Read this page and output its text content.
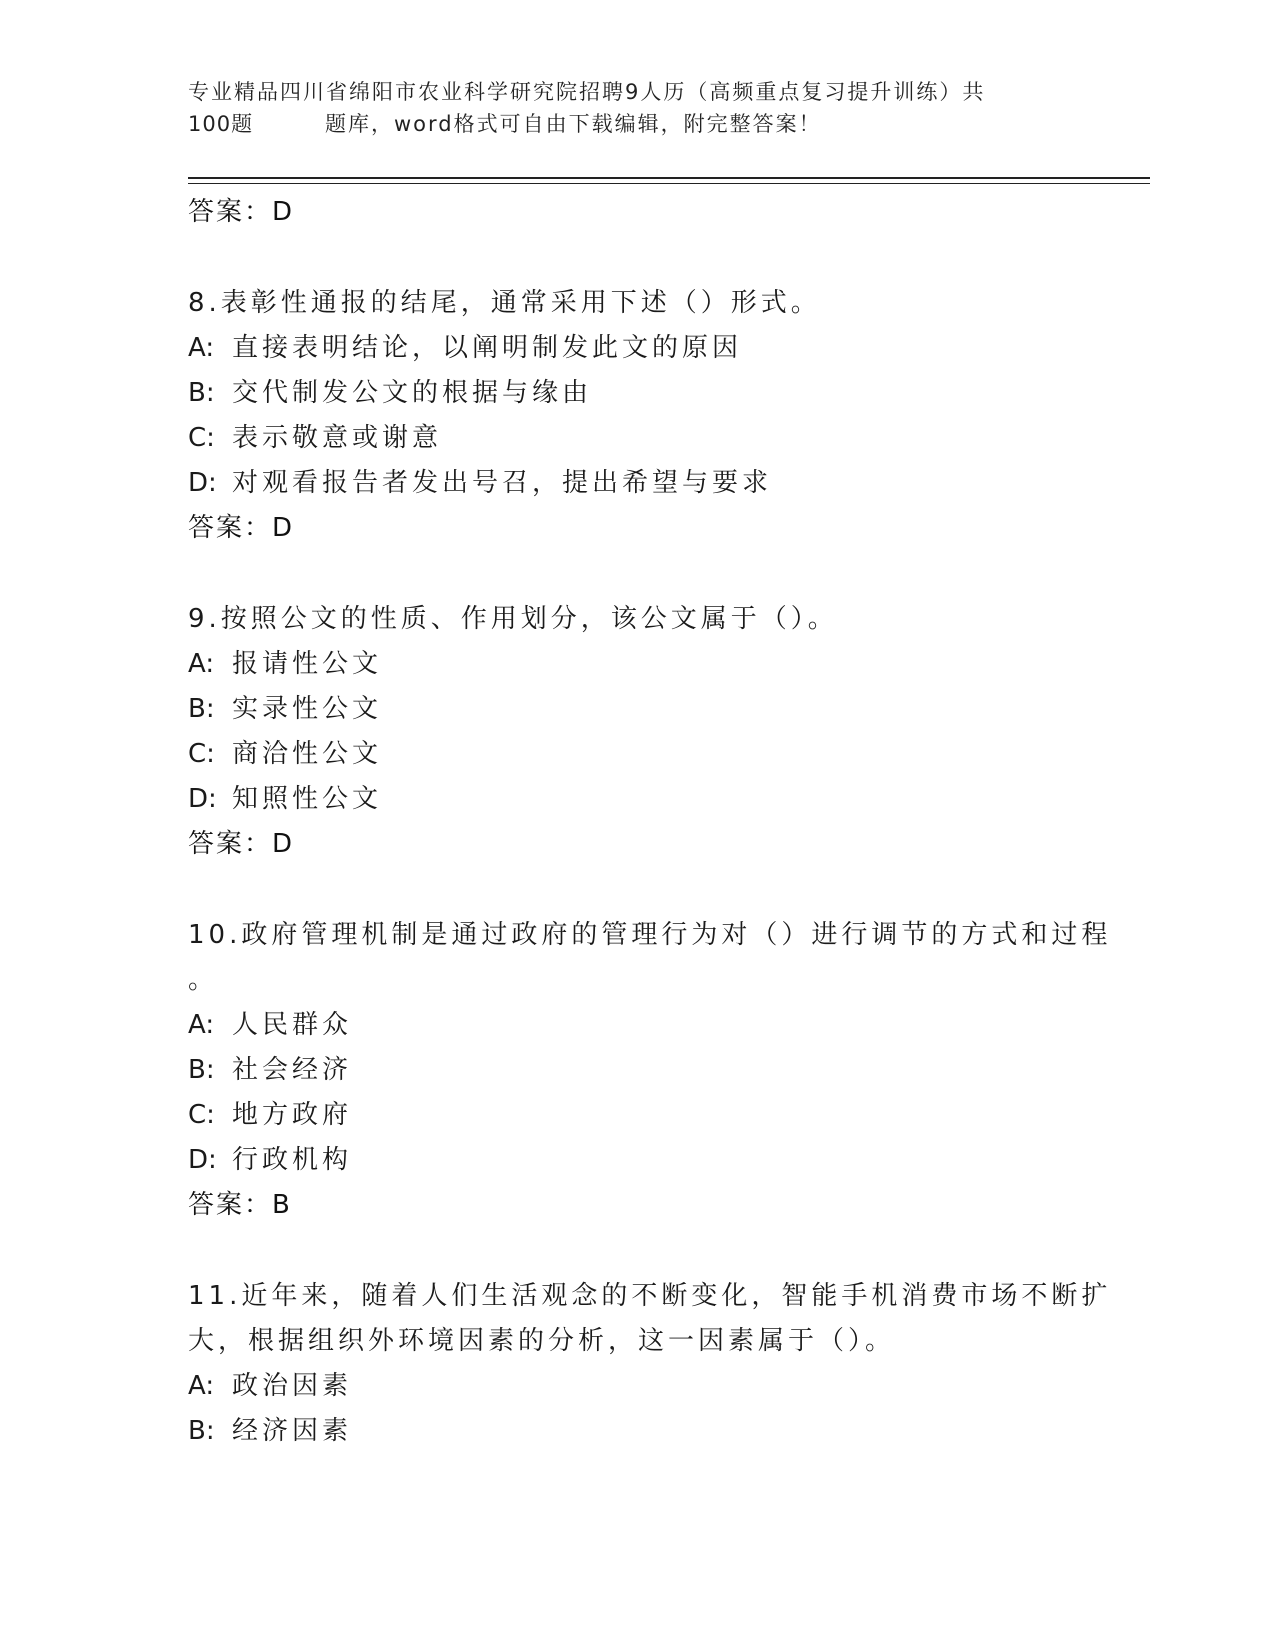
专业精品四川省绵阳市农业科学研究院招聘9人历（高频重点复习提升训练）共
100题	题库，word格式可自由下载编辑，附完整答案！
答案：D
8.表彰性通报的结尾，通常采用下述（）形式。
A: 直接表明结论，以阐明制发此文的原因
B: 交代制发公文的根据与缘由
C: 表示敬意或谢意
D: 对观看报告者发出号召，提出希望与要求
答案：D
9.按照公文的性质、作用划分，该公文属于（）。
A: 报请性公文
B: 实录性公文
C: 商洽性公文
D: 知照性公文
答案：D
10.政府管理机制是通过政府的管理行为对（）进行调节的方式和过程
。
A: 人民群众
B: 社会经济
C: 地方政府
D: 行政机构
答案：B
11.近年来，随着人们生活观念的不断变化，智能手机消费市场不断扩
大，根据组织外环境因素的分析，这一因素属于（）。
A: 政治因素
B: 经济因素
